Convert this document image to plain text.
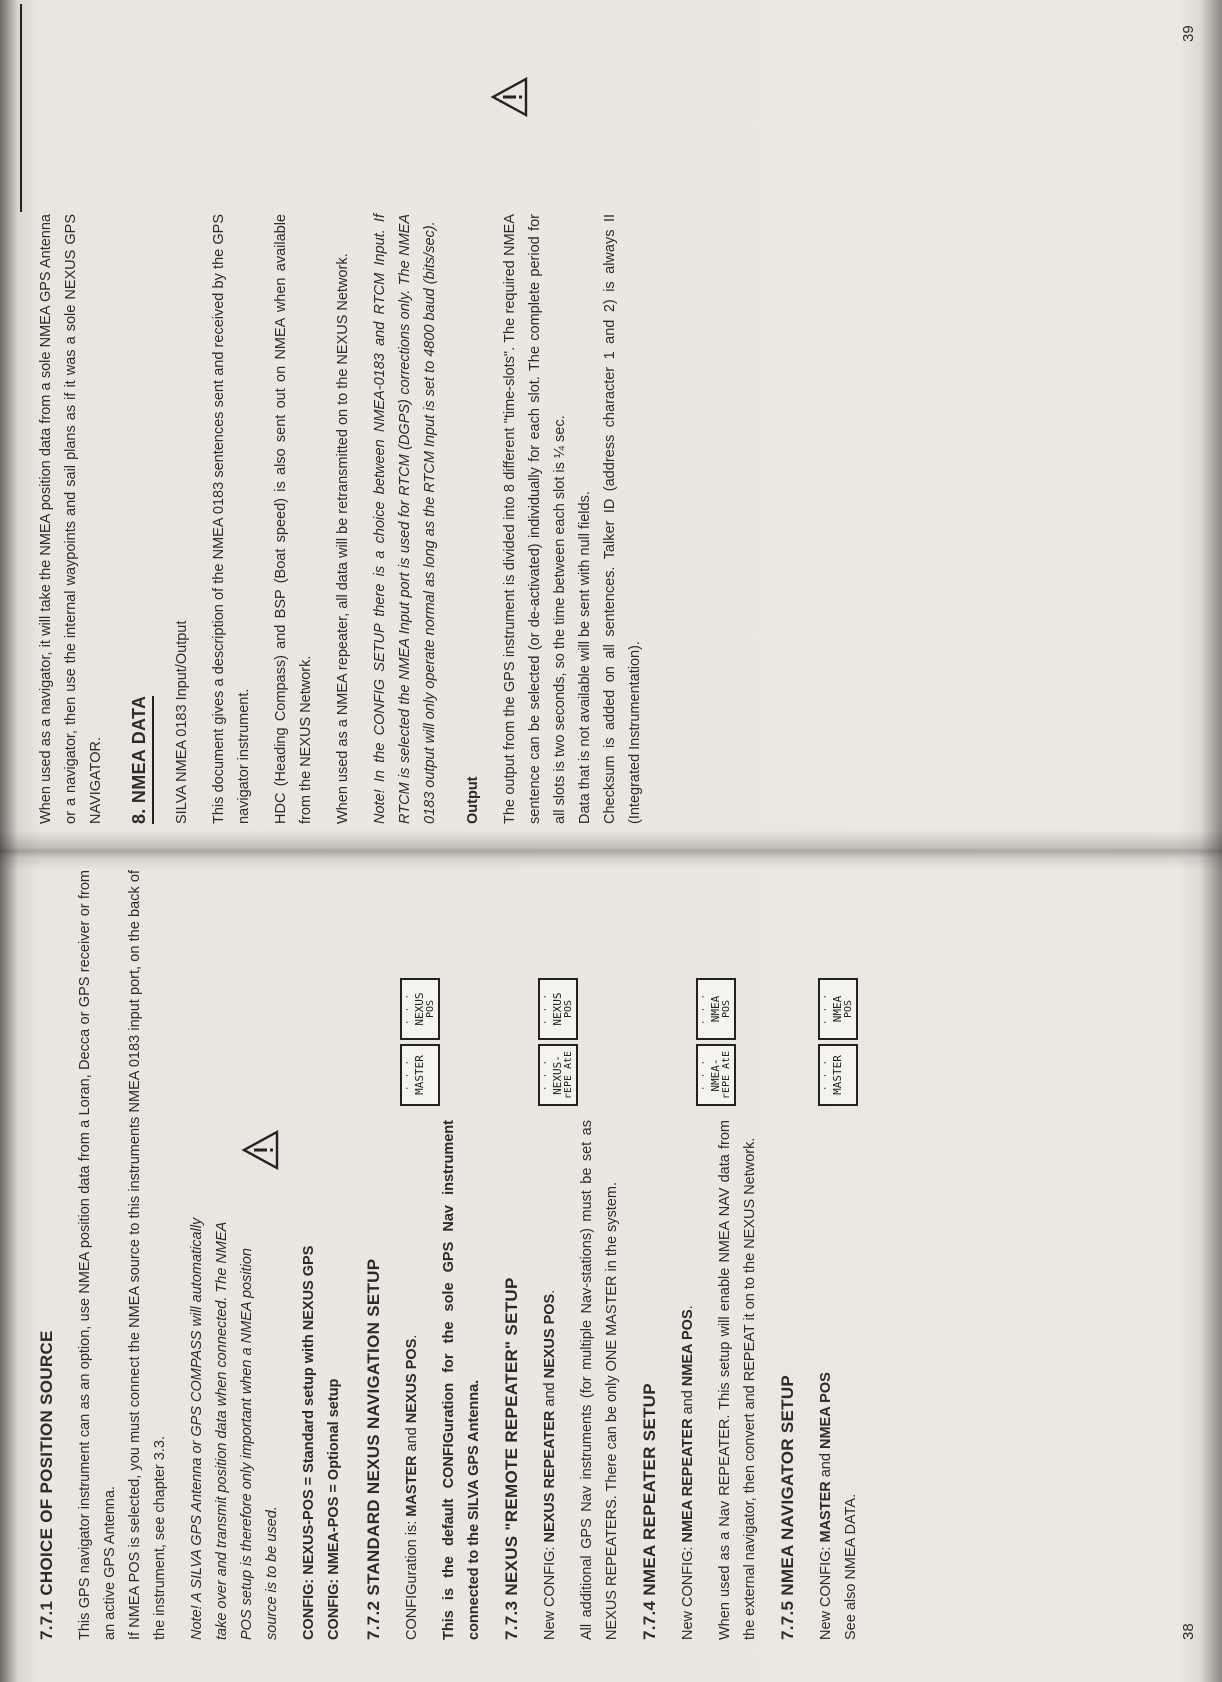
7.7.1 CHOICE OF POSITION SOURCE This GPS navigator instrument can as an option, use NMEA position data from a Loran, Decca or GPS receiver or from an active GPS Antenna. If NMEA POS is selected, you must connect the NMEA source to this instruments NMEA 0183 input port, on the back of the instrument, see chapter 3.3.	Note! A SILVA GPS Antenna or GPS COMPASS will automatically take over and transmit position data when connected. The NMEA POS setup is therefore only important when a NMEA position source is to be used.	CONFIG: NEXUS-POS = Standard setup with NEXUS GPS CONFIG: NMEA-POS = Optional setup 7.7.2 STANDARD NEXUS NAVIGATION SETUP CONFIGuration is: MASTER and NEXUS POS.	This is the default CONFIGuration for the sole GPS Nav instrument connected to the SILVA GPS Antenna.

· · · MASTER
· · · NEXUS POS
7.7.3 NEXUS "REMOTE REPEATER" SETUP New CONFIG: NEXUS REPEATER and NEXUS POS.	All additional GPS Nav instruments (for multiple Nav-stations) must be set as NEXUS REPEATERS. There can be only ONE MASTER in the system.

· · · NEXUS- rEPE AtE
· · · NEXUS POS
7.7.4 NMEA REPEATER SETUP New CONFIG: NMEA REPEATER and NMEA POS.	When used as a Nav REPEATER. This setup will enable NMEA NAV data from the external navigator, then convert and REPEAT it on to the NEXUS Network.

· · · NMEA- rEPE AtE
· · · NMEA POS
7.7.5 NMEA NAVIGATOR SETUP New CONFIG: MASTER and NMEA POS

See also NMEA DATA.

· · · MASTER
· · · NMEA POS
38

When used as a navigator, it will take the NMEA position data from a sole NMEA GPS Antenna or a navigator, then use the internal waypoints and sail plans as if it was a sole NEXUS GPS NAVIGATOR. 8. NMEA DATA	SILVA NMEA 0183 Input/Output	This document gives a description of the NMEA 0183 sentences sent and received by the GPS navigator instrument.	HDC (Heading Compass) and BSP (Boat speed) is also sent out on NMEA when available from the NEXUS Network.	When used as a NMEA repeater, all data will be retransmitted on to the NEXUS Network.	Note! In the CONFIG SETUP there is a choice between NMEA-0183 and RTCM Input. If RTCM is selected the NMEA Input port is used for RTCM (DGPS) corrections only. The NMEA 0183 output will only operate normal as long as the RTCM Input is set to 4800 baud (bits/sec).	Output	The output from the GPS instrument is divided into 8 different "time-slots". The required NMEA sentence can be selected (or de-activated) individually for each slot. The complete period for all slots is two seconds, so the time between each slot is ¼ sec. Data that is not available will be sent with null fields. Checksum is added on all sentences. Talker ID (address character 1 and 2) is always II (Integrated Instrumentation).

39
